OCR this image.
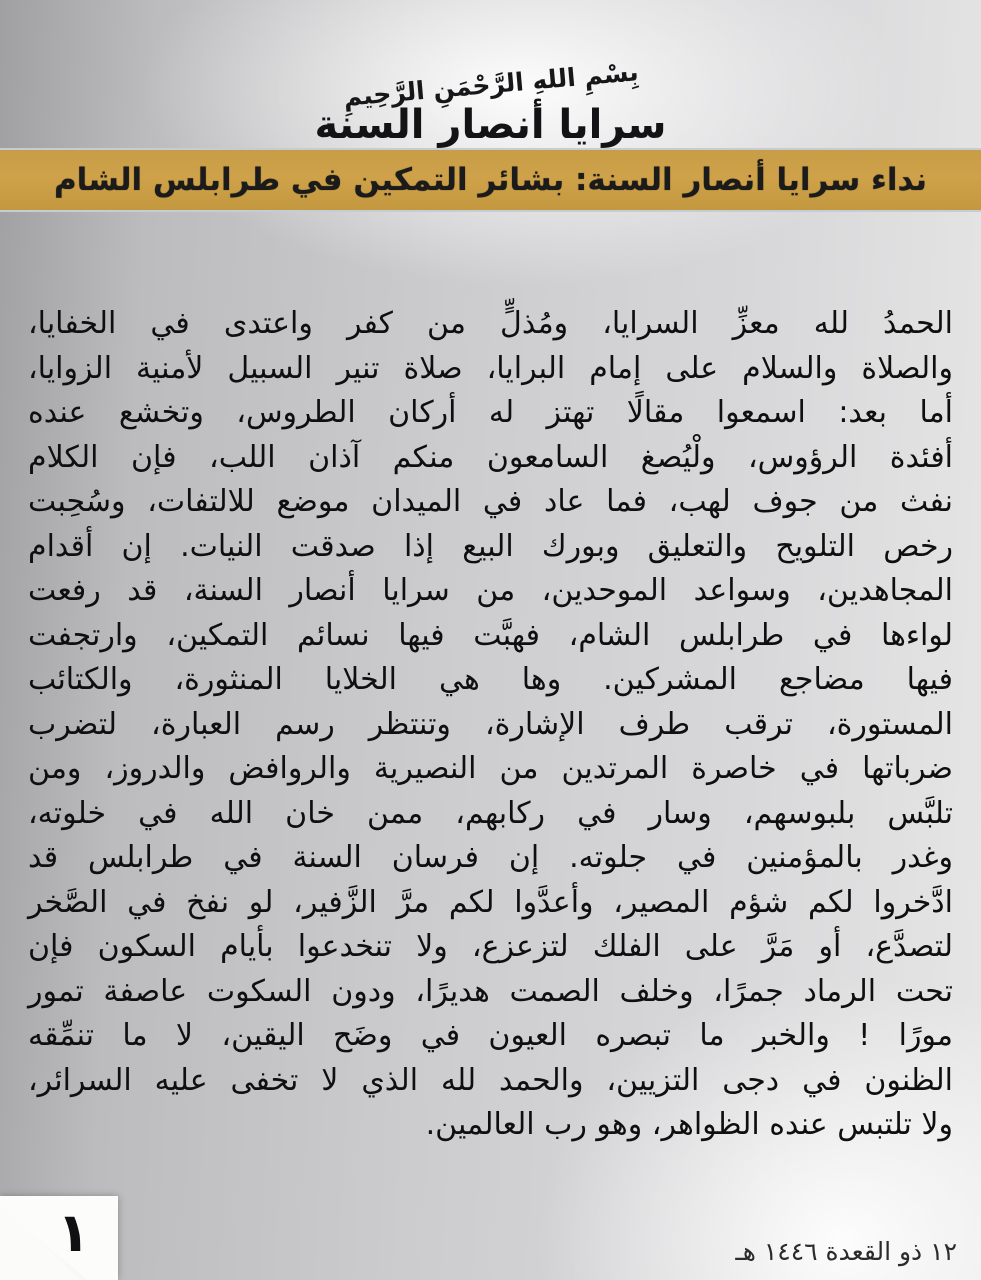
بِسْمِ اللهِ الرَّحْمَنِ الرَّحِيمِ
سرايا أنصار السنة
نداء سرايا أنصار السنة: بشائر التمكين في طرابلس الشام
الحمدُ لله معزِّ السرايا، ومُذلٍّ من كفر واعتدى في الخفايا،
والصلاة والسلام على إمام البرايا، صلاة تنير السبيل لأمنية الزوايا،
أما بعد: اسمعوا مقالًا تهتز له أركان الطروس، وتخشع عنده
أفئدة الرؤوس، ولْيُصغ السامعون منكم آذان اللب، فإن الكلام
نفث من جوف لهب، فما عاد في الميدان موضع للالتفات، وسُحِبت
رخص التلويح والتعليق وبورك البيع إذا صدقت النيات. إن أقدام
المجاهدين، وسواعد الموحدين، من سرايا أنصار السنة، قد رفعت
لواءها في طرابلس الشام، فهبَّت فيها نسائم التمكين، وارتجفت
فيها مضاجع المشركين. وها هي الخلايا المنثورة، والكتائب
المستورة، ترقب طرف الإشارة، وتنتظر رسم العبارة، لتضرب
ضرباتها في خاصرة المرتدين من النصيرية والروافض والدروز، ومن
تلبَّس بلبوسهم، وسار في ركابهم، ممن خان الله في خلوته،
وغدر بالمؤمنين في جلوته. إن فرسان السنة في طرابلس قد
ادَّخروا لكم شؤم المصير، وأعدَّوا لكم مرَّ الزَّفير، لو نفخ في الصَّخر
لتصدَّع، أو مَرَّ على الفلك لتزعزع، ولا تنخدعوا بأيام السكون فإن
تحت الرماد جمرًا، وخلف الصمت هديرًا، ودون السكوت عاصفة تمور
مورًا ! والخبر ما تبصره العيون في وضَح اليقين، لا ما تنمِّقه
الظنون في دجى التزيين، والحمد لله الذي لا تخفى عليه السرائر،
ولا تلتبس عنده الظواهر، وهو رب العالمين.
١	١٢ ذو القعدة ١٤٤٦ هـ
